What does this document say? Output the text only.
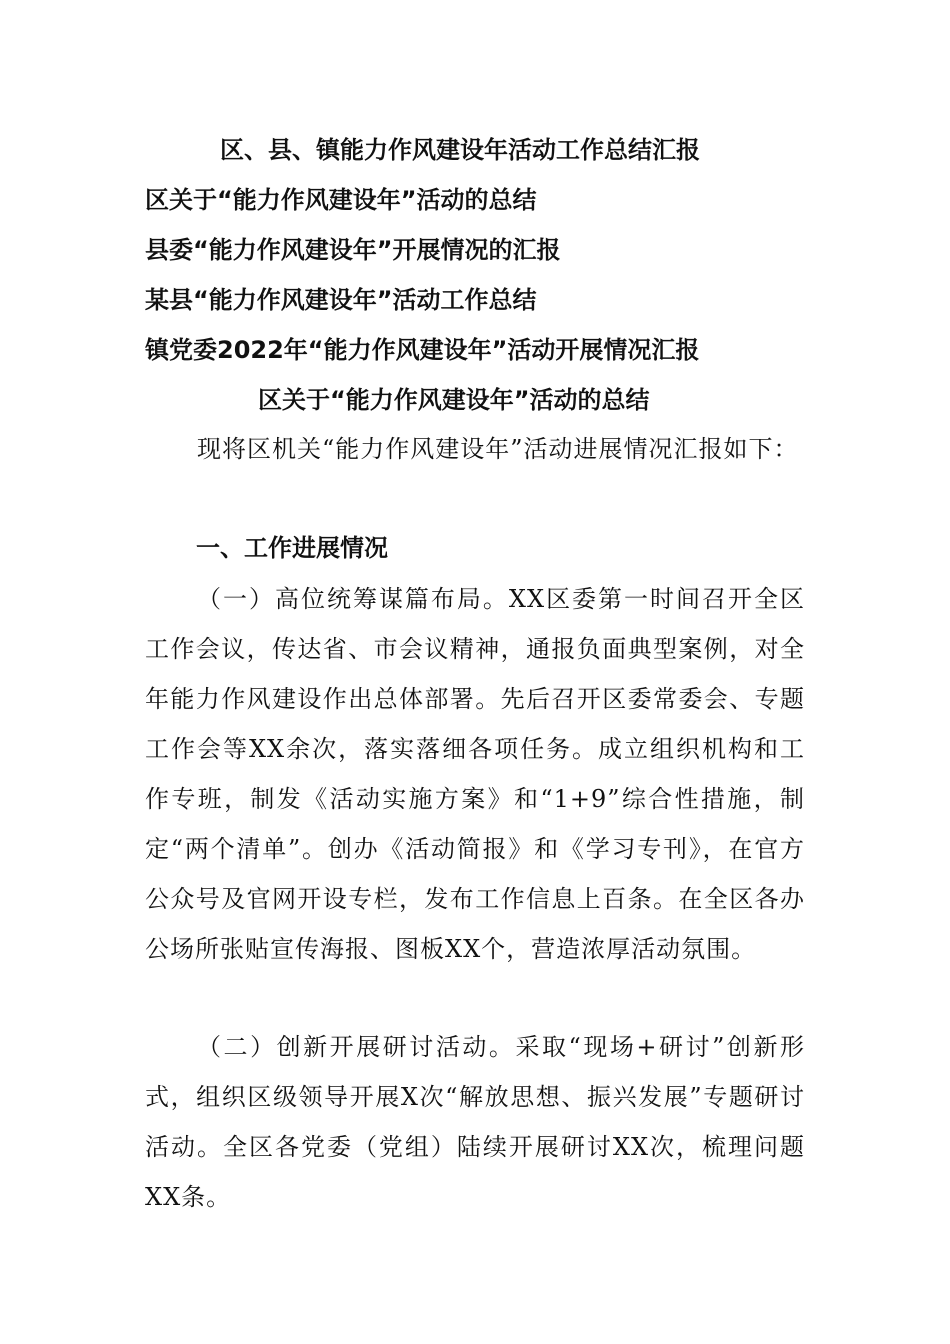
区、县、镇能力作风建设年活动工作总结汇报
区关于“能力作风建设年”活动的总结
县委“能力作风建设年”开展情况的汇报
某县“能力作风建设年”活动工作总结
镇党委2022年“能力作风建设年”活动开展情况汇报
区关于“能力作风建设年”活动的总结
现将区机关“能力作风建设年”活动进展情况汇报如下：
一、工作进展情况
（一）高位统筹谋篇布局。XX区委第一时间召开全区工作会议，传达省、市会议精神，通报负面典型案例，对全年能力作风建设作出总体部署。先后召开区委常委会、专题工作会等XX余次，落实落细各项任务。成立组织机构和工作专班，制发《活动实施方案》和“1+9”综合性措施，制定“两个清单”。创办《活动简报》和《学习专刊》，在官方公众号及官网开设专栏，发布工作信息上百条。在全区各办公场所张贴宣传海报、图板XX个，营造浓厚活动氛围。
（二）创新开展研讨活动。采取“现场+研讨”创新形式，组织区级领导开展X次“解放思想、振兴发展”专题研讨活动。全区各党委（党组）陆续开展研讨XX次，梳理问题XX条。
